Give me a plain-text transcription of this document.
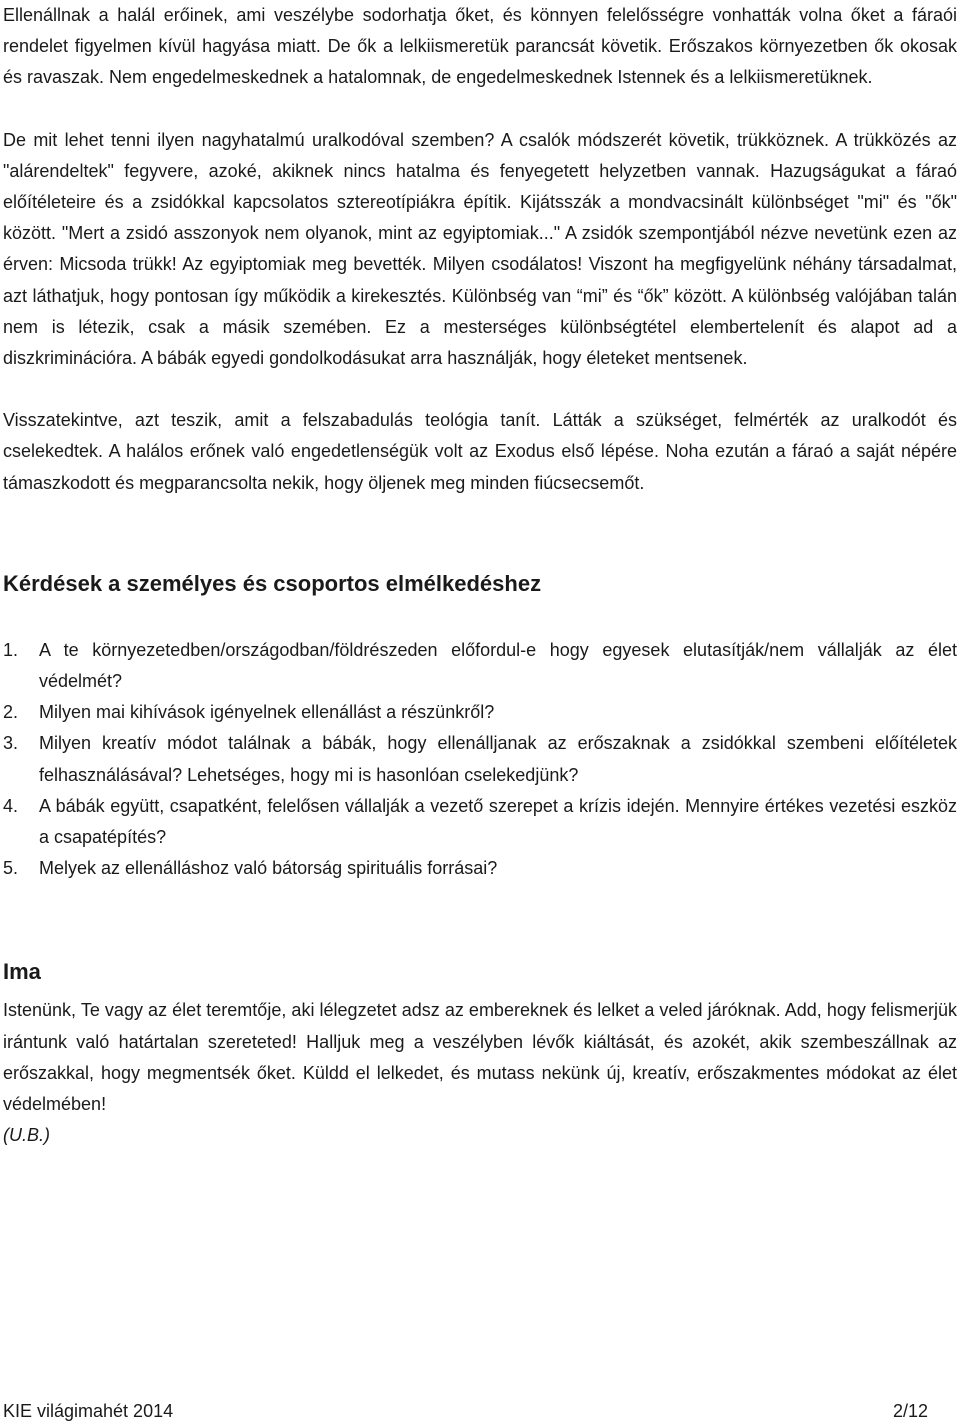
Ellenállnak a halál erőinek, ami veszélybe sodorhatja őket, és könnyen felelősségre vonhatták volna őket a fáraói rendelet figyelmen kívül hagyása miatt. De ők a lelkiismeretük parancsát követik. Erőszakos környezetben ők okosak és ravaszak. Nem engedelmeskednek a hatalomnak, de engedelmeskednek Istennek és a lelkiismeretüknek.

De mit lehet tenni ilyen nagyhatalmú uralkodóval szemben? A csalók módszerét követik, trükköznek. A trükközés az "alárendeltek" fegyvere, azoké, akiknek nincs hatalma és fenyegetett helyzetben vannak. Hazugságukat a fáraó előítéleteire és a zsidókkal kapcsolatos sztereotípiákra építik. Kijátsszák a mondvacsinált különbséget "mi" és "ők" között. "Mert a zsidó asszonyok nem olyanok, mint az egyiptomiak..." A zsidók szempontjából nézve nevetünk ezen az érven: Micsoda trükk! Az egyiptomiak meg bevették. Milyen csodálatos! Viszont ha megfigyelünk néhány társadalmat, azt láthatjuk, hogy pontosan így működik a kirekesztés. Különbség van “mi” és “ők” között. A különbség valójában talán nem is létezik, csak a másik szemében. Ez a mesterséges különbségtétel elembertelenít és alapot ad a diszkriminációra. A bábák egyedi gondolkodásukat arra használják, hogy életeket mentsenek.

Visszatekintve, azt teszik, amit a felszabadulás teológia tanít. Látták a szükséget, felmérték az uralkodót és cselekedtek. A halálos erőnek való engedetlenségük volt az Exodus első lépése. Noha ezután a fáraó a saját népére támaszkodott és megparancsolta nekik, hogy öljenek meg minden fiúcsecsemőt.

Kérdések a személyes és csoportos elmélkedéshez
1. A te környezetedben/országodban/földrészeden előfordul-e hogy egyesek elutasítják/nem vállalják az élet védelmét?
2. Milyen mai kihívások igényelnek ellenállást a részünkről?
3. Milyen kreatív módot találnak a bábák, hogy ellenálljanak az erőszaknak a zsidókkal szembeni előítéletek felhasználásával? Lehetséges, hogy mi is hasonlóan cselekedjünk?
4. A bábák együtt, csapatként, felelősen vállalják a vezető szerepet a krízis idején. Mennyire értékes vezetési eszköz a csapatépítés?
5. Melyek az ellenálláshoz való bátorság spirituális forrásai?
Ima

Istenünk, Te vagy az élet teremtője, aki lélegzetet adsz az embereknek és lelket a veled járóknak. Add, hogy felismerjük irántunk való határtalan szereteted! Halljuk meg a veszélyben lévők kiáltását, és azokét, akik szembeszállnak az erőszakkal, hogy megmentsék őket. Küldd el lelkedet, és mutass nekünk új, kreatív, erőszakmentes módokat az élet védelmében!

(U.B.)

KIE világimahét 2014	2/12
